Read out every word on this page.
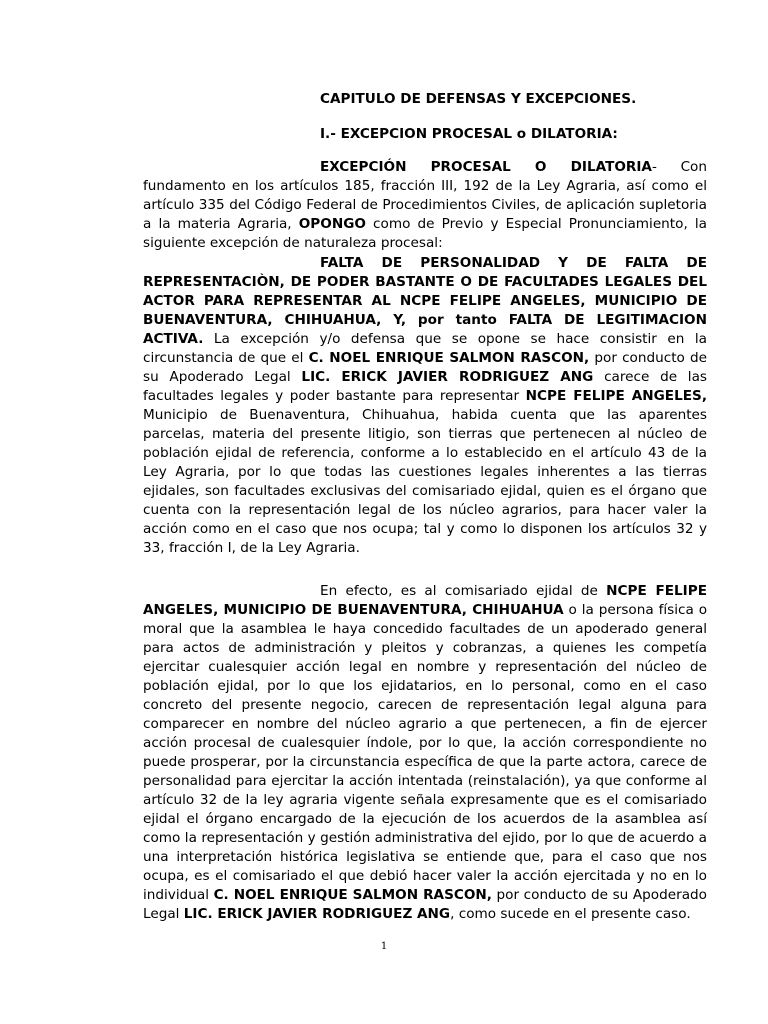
CAPITULO DE DEFENSAS Y EXCEPCIONES.
I.- EXCEPCION PROCESAL o DILATORIA:

EXCEPCIÓN PROCESAL O DILATORIA- Con fundamento en los artículos 185, fracción III, 192 de la Ley Agraria, así como el artículo 335 del Código Federal de Procedimientos Civiles, de aplicación supletoria a la materia Agraria, OPONGO como de Previo y Especial Pronunciamiento, la siguiente excepción de naturaleza procesal:

FALTA DE PERSONALIDAD Y DE FALTA DE REPRESENTACIÒN, DE PODER BASTANTE O DE FACULTADES LEGALES DEL ACTOR PARA REPRESENTAR AL NCPE FELIPE ANGELES, MUNICIPIO DE BUENAVENTURA, CHIHUAHUA, Y, por tanto FALTA DE LEGITIMACION ACTIVA. La excepción y/o defensa que se opone se hace consistir en la circunstancia de que el C. NOEL ENRIQUE SALMON RASCON, por conducto de su Apoderado Legal LIC. ERICK JAVIER RODRIGUEZ ANG carece de las facultades legales y poder bastante para representar NCPE FELIPE ANGELES, Municipio de Buenaventura, Chihuahua, habida cuenta que las aparentes parcelas, materia del presente litigio, son tierras que pertenecen al núcleo de población ejidal de referencia, conforme a lo establecido en el artículo 43 de la Ley Agraria, por lo que todas las cuestiones legales inherentes a las tierras ejidales, son facultades exclusivas del comisariado ejidal, quien es el órgano que cuenta con la representación legal de los núcleo agrarios, para hacer valer la acción como en el caso que nos ocupa; tal y como lo disponen los artículos 32 y 33, fracción I, de la Ley Agraria.

En efecto, es al comisariado ejidal de NCPE FELIPE ANGELES, MUNICIPIO DE BUENAVENTURA, CHIHUAHUA o la persona física o moral que la asamblea le haya concedido facultades de un apoderado general para actos de administración y pleitos y cobranzas, a quienes les competía ejercitar cualesquier acción legal en nombre y representación del núcleo de población ejidal, por lo que los ejidatarios, en lo personal, como en el caso concreto del presente negocio, carecen de representación legal alguna para comparecer en nombre del núcleo agrario a que pertenecen, a fin de ejercer acción procesal de cualesquier índole, por lo que, la acción correspondiente no puede prosperar, por la circunstancia específica de que la parte actora, carece de personalidad para ejercitar la acción intentada (reinstalación), ya que conforme al artículo 32 de la ley agraria vigente señala expresamente que es el comisariado ejidal el órgano encargado de la ejecución de los acuerdos de la asamblea así como la representación y gestión administrativa del ejido, por lo que de acuerdo a una interpretación histórica legislativa se entiende que, para el caso que nos ocupa, es el comisariado el que debió hacer valer la acción ejercitada y no en lo individual C. NOEL ENRIQUE SALMON RASCON, por conducto de su Apoderado Legal LIC. ERICK JAVIER RODRIGUEZ ANG, como sucede en el presente caso.

1
